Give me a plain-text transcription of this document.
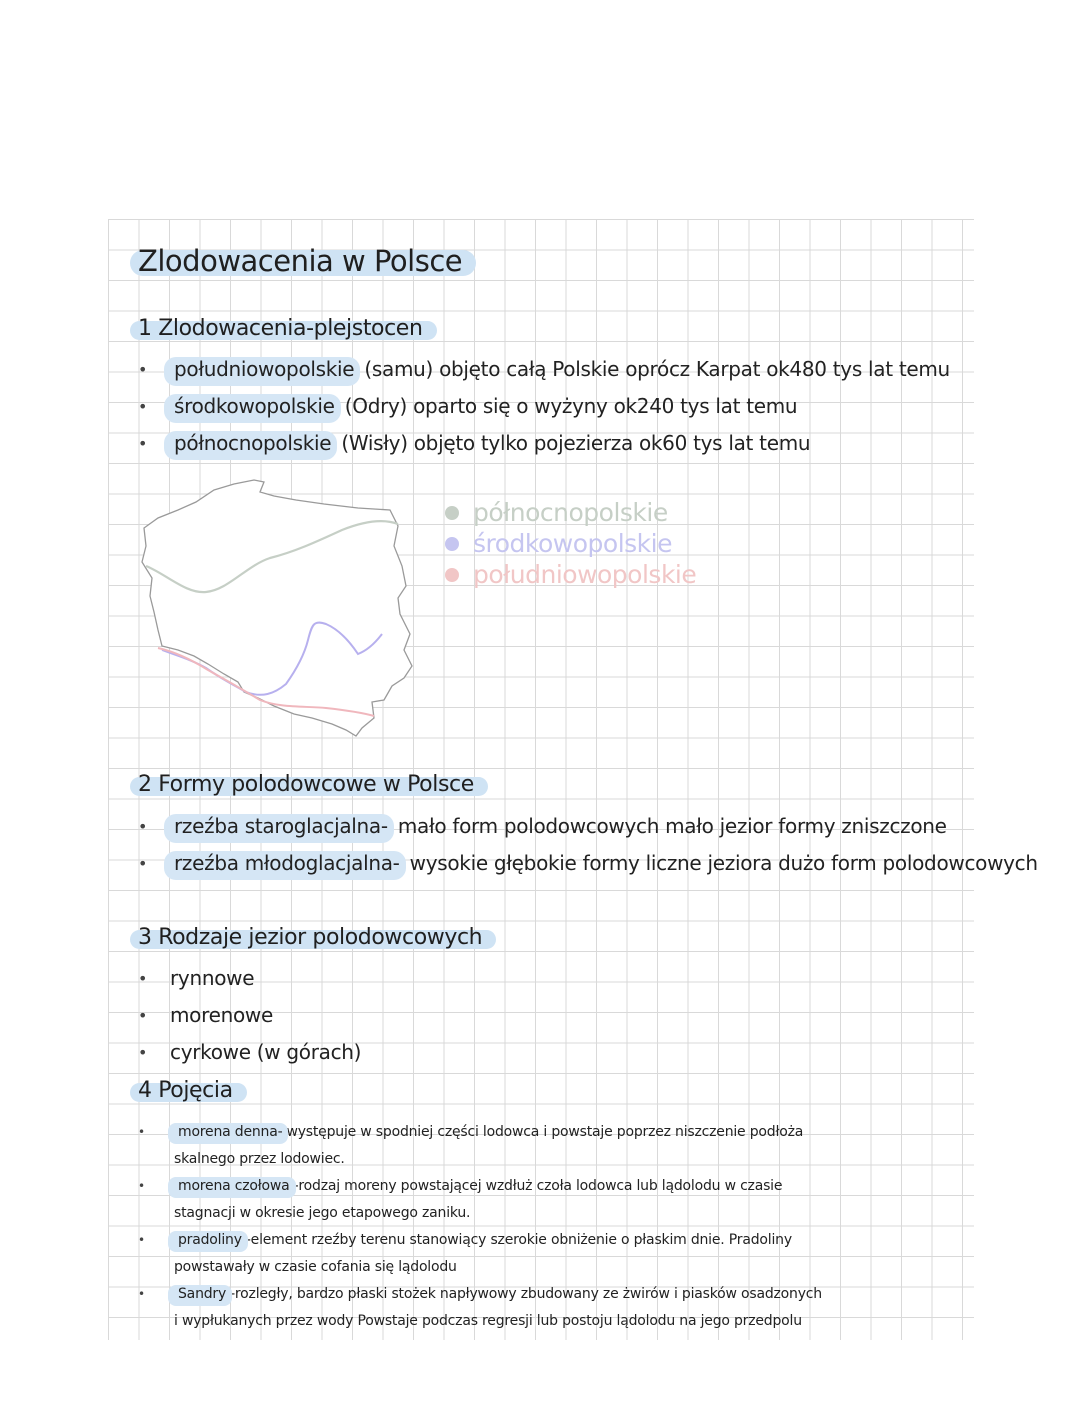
Zlodowacenia w Polsce
1 Zlodowacenia-plejstocen
• południowopolskie (samu) objęto całą Polskie oprócz Karpat ok480 tys lat temu
• środkowopolskie (Odry) oparto się o wyżyny ok240 tys lat temu
• północnopolskie (Wisły) objęto tylko pojezierza ok60 tys lat temu
północnopolskie
środkowopolskie
południowopolskie
2 Formy polodowcowe w Polsce
• rzeźba staroglacjalna- mało form polodowcowych mało jezior formy zniszczone
• rzeźba młodoglacjalna- wysokie głębokie formy liczne jeziora dużo form polodowcowych
3 Rodzaje jezior polodowcowych
• rynnowe
• morenowe
• cyrkowe (w górach)
4 Pojęcia
• morena denna- występuje w spodniej części lodowca i powstaje poprzez niszczenie podłoża skalnego przez lodowiec.
• morena czołowa -rodzaj moreny powstającej wzdłuż czoła lodowca lub lądolodu w czasie stagnacji w okresie jego etapowego zaniku.
• pradoliny -element rzeźby terenu stanowiący szerokie obniżenie o płaskim dnie. Pradoliny powstawały w czasie cofania się lądolodu
• Sandry -rozległy, bardzo płaski stożek napływowy zbudowany ze żwirów i piasków osadzonych i wypłukanych przez wody Powstaje podczas regresji lub postoju lądolodu na jego przedpolu
